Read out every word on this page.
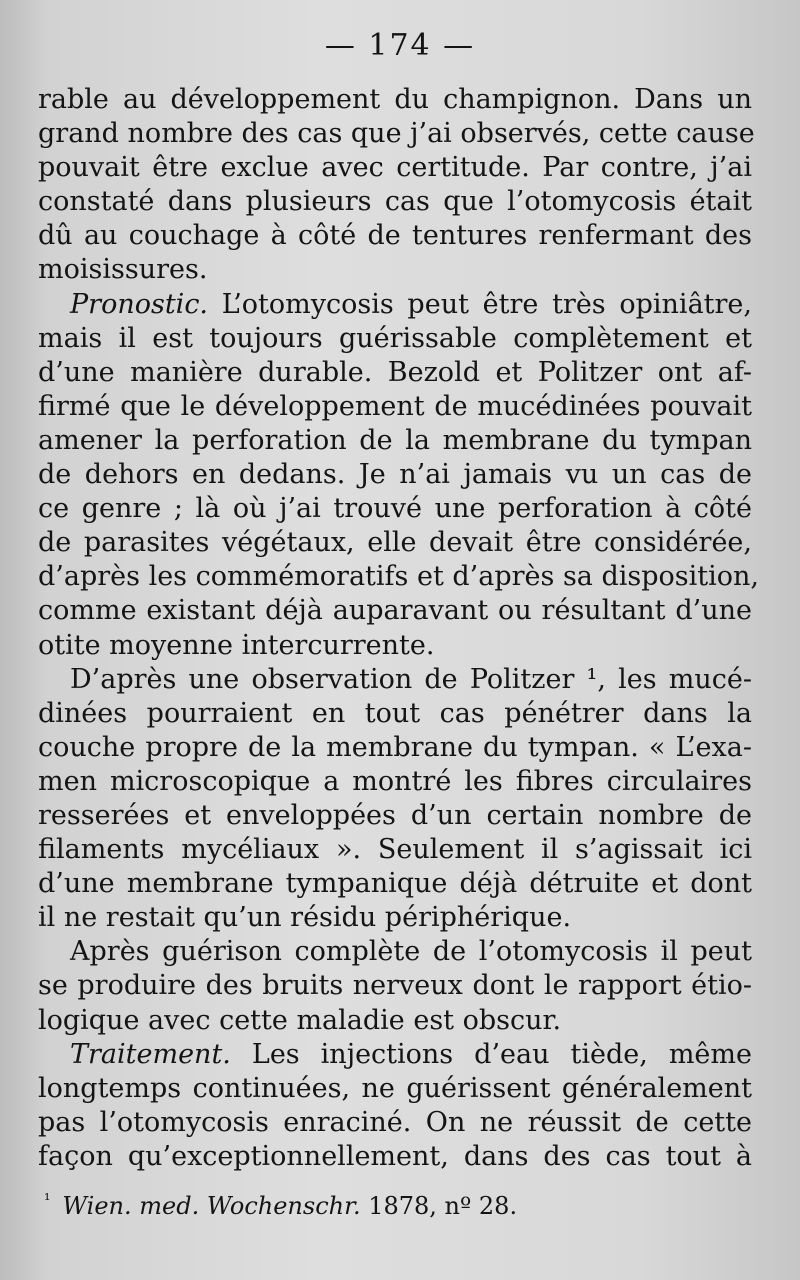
— 174 —
rable au développement du champignon. Dans un
grand nombre des cas que j’ai observés, cette cause
pouvait être exclue avec certitude. Par contre, j’ai
constaté dans plusieurs cas que l’otomycosis était
dû au couchage à côté de tentures renfermant des
moisissures.
Pronostic. L’otomycosis peut être très opiniâtre,
mais il est toujours guérissable complètement et
d’une manière durable. Bezold et Politzer ont af-
firmé que le développement de mucédinées pouvait
amener la perforation de la membrane du tympan
de dehors en dedans. Je n’ai jamais vu un cas de
ce genre ; là où j’ai trouvé une perforation à côté
de parasites végétaux, elle devait être considérée,
d’après les commémoratifs et d’après sa disposition,
comme existant déjà auparavant ou résultant d’une
otite moyenne intercurrente.
D’après une observation de Politzer ¹, les mucé-
dinées pourraient en tout cas pénétrer dans la
couche propre de la membrane du tympan. « L’exa-
men microscopique a montré les fibres circulaires
resserées et enveloppées d’un certain nombre de
filaments mycéliaux ». Seulement il s’agissait ici
d’une membrane tympanique déjà détruite et dont
il ne restait qu’un résidu périphérique.
Après guérison complète de l’otomycosis il peut
se produire des bruits nerveux dont le rapport étio-
logique avec cette maladie est obscur.
Traitement. Les injections d’eau tiède, même
longtemps continuées, ne guérissent généralement
pas l’otomycosis enraciné. On ne réussit de cette
façon qu’exceptionnellement, dans des cas tout à
$^{^1}$ Wien. med. Wochenschr. 1878, nº 28.
